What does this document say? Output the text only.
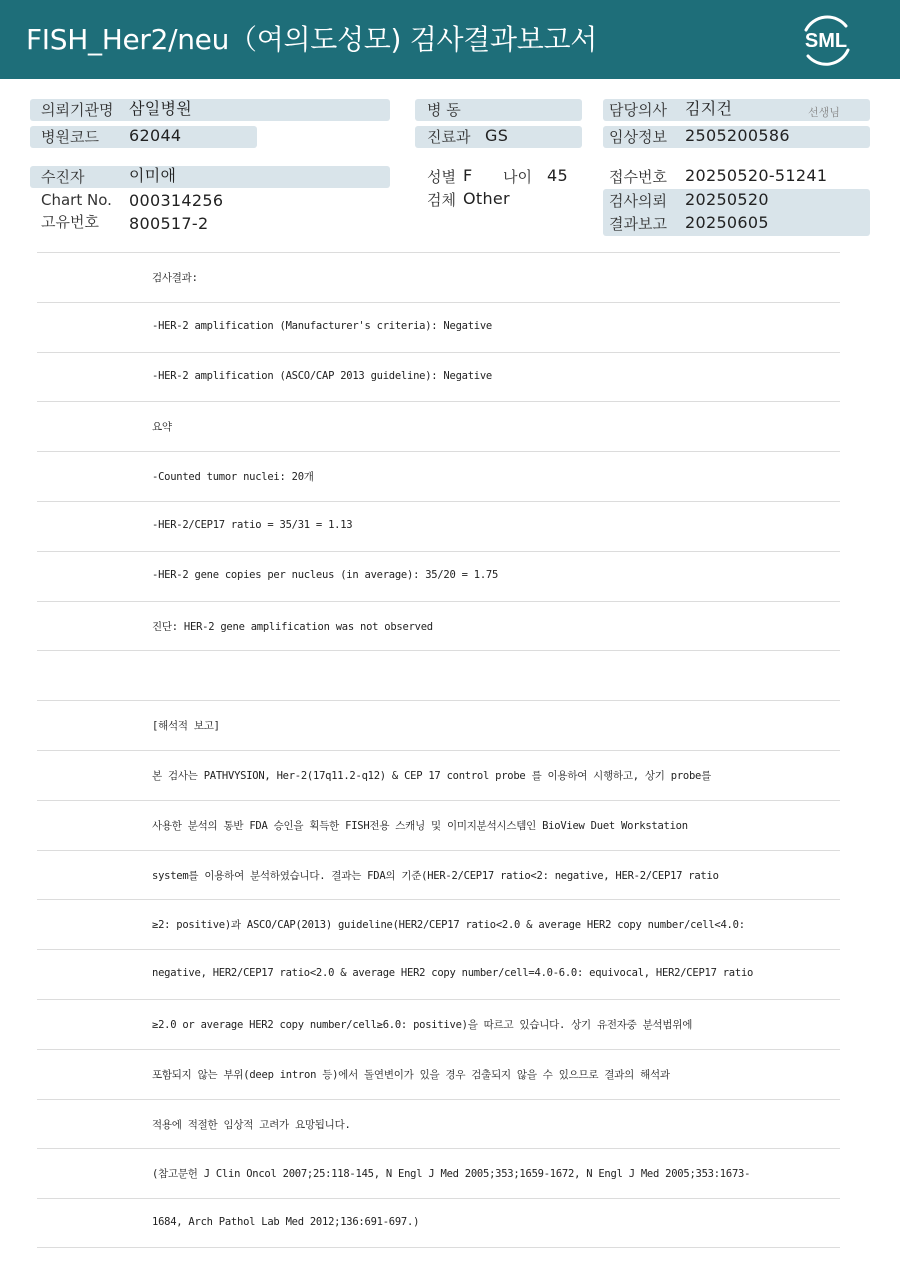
FISH_Her2/neu（여의도성모) 검사결과보고서	SML
의뢰기관명 삼일병원	병 동	담당의사 김지건	선생님
병원코드 62044	진료과 GS	임상정보 2505200586
수진자	이미애
Chart No. 000314256
고유번호 800517-2
성별 F 나이 45
검체 Other
접수번호 20250520-51241
검사의뢰 20250520
결과보고 20250605
검사결과:
-HER-2 amplification (Manufacturer's criteria): Negative
-HER-2 amplification (ASCO/CAP 2013 guideline): Negative
요약
-Counted tumor nuclei: 20개
-HER-2/CEP17 ratio = 35/31 = 1.13
-HER-2 gene copies per nucleus (in average): 35/20 = 1.75
진단: HER-2 gene amplification was not observed
[해석적 보고]
본 검사는 PATHVYSION, Her-2(17q11.2-q12) & CEP 17 control probe 를 이용하여 시행하고, 상기 probe를
사용한 분석의 통반 FDA 승인을 획득한 FISH전용 스캐닝 및 이미지분석시스템인 BioView Duet Workstation
system를 이용하여 분석하였습니다. 결과는 FDA의 기준(HER-2/CEP17 ratio<2: negative, HER-2/CEP17 ratio
≥2: positive)과 ASCO/CAP(2013) guideline(HER2/CEP17 ratio<2.0 & average HER2 copy number/cell<4.0:
negative, HER2/CEP17 ratio<2.0 & average HER2 copy number/cell=4.0-6.0: equivocal, HER2/CEP17 ratio
≥2.0 or average HER2 copy number/cell≥6.0: positive)을 따르고 있습니다. 상기 유전자중 분석범위에
포함되지 않는 부위(deep intron 등)에서 돌연변이가 있을 경우 검출되지 않을 수 있으므로 결과의 해석과
적용에 적절한 임상적 고려가 요망됩니다.
(참고문헌 J Clin Oncol 2007;25:118-145, N Engl J Med 2005;353;1659-1672, N Engl J Med 2005;353:1673-
1684, Arch Pathol Lab Med 2012;136:691-697.)
